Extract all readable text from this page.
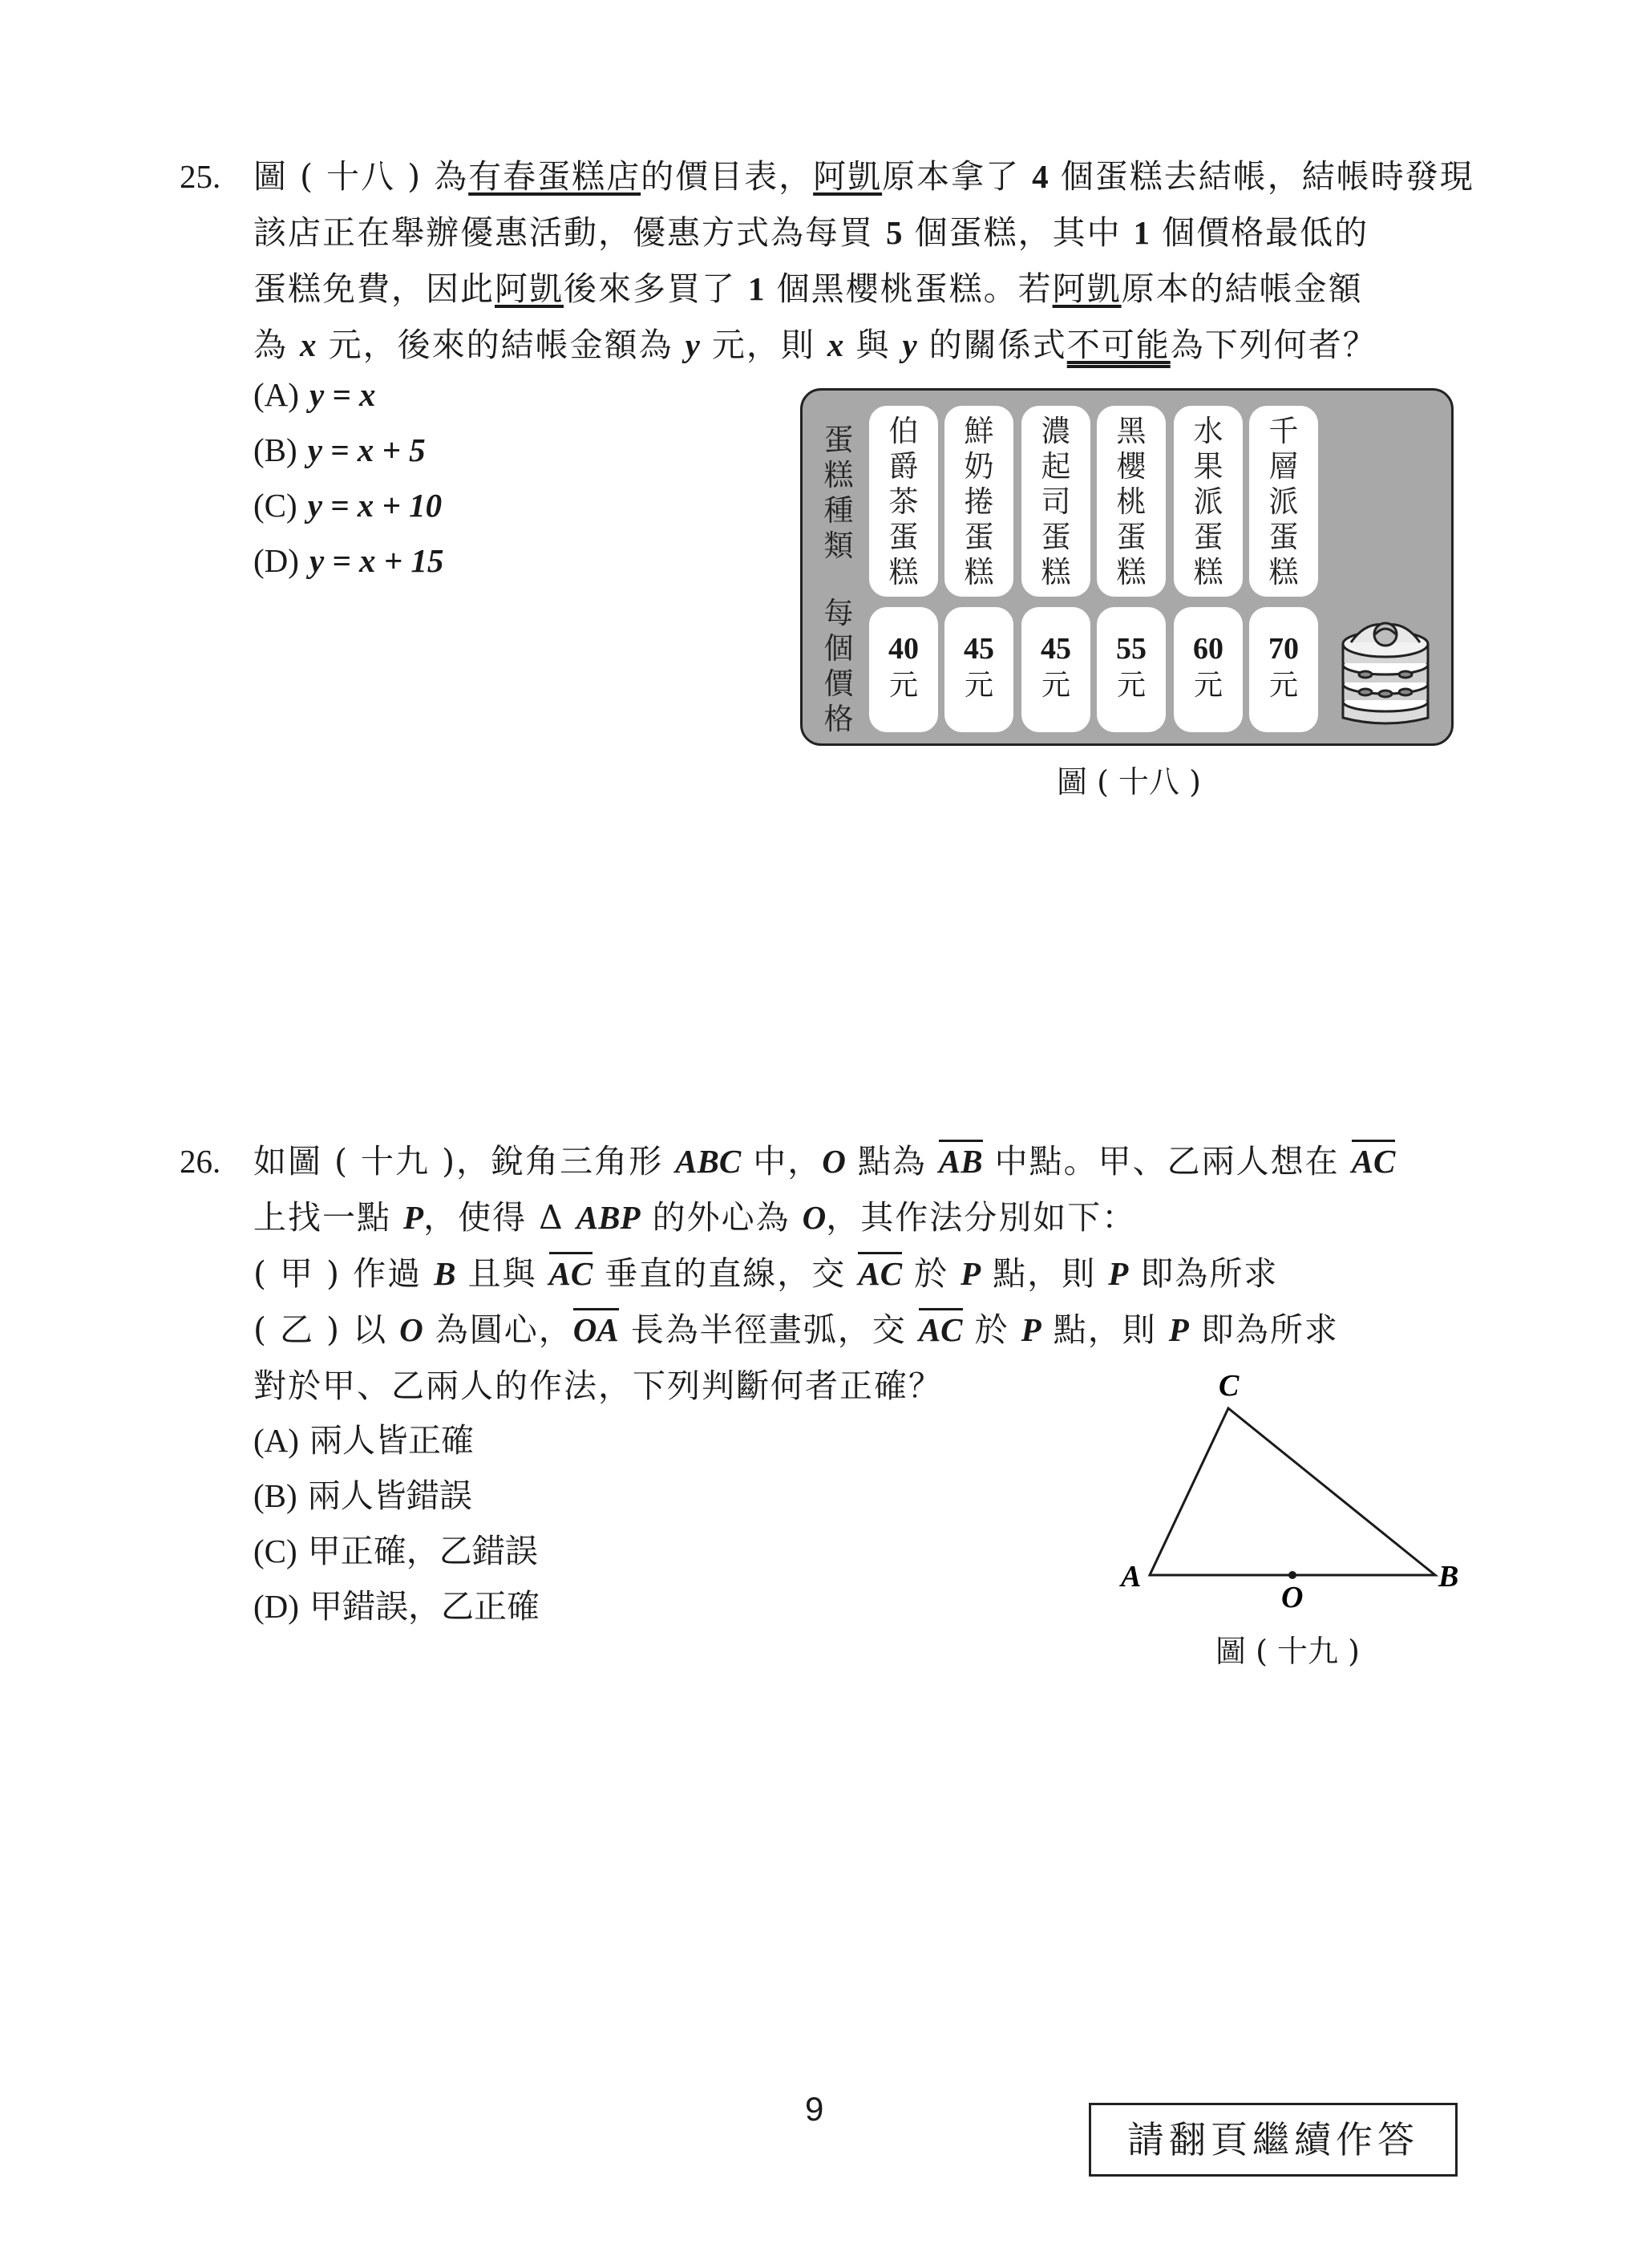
25. 圖 ( 十八 ) 為有春蛋糕店的價目表，阿凱原本拿了 4 個蛋糕去結帳，結帳時發現
該店正在舉辦優惠活動，優惠方式為每買 5 個蛋糕，其中 1 個價格最低的
蛋糕免費，因此阿凱後來多買了 1 個黑櫻桃蛋糕。若阿凱原本的結帳金額
為 x 元，後來的結帳金額為 y 元，則 x 與 y 的關係式不可能為下列何者？
(A) y = x
(B) y = x + 5
(C) y = x + 10
(D) y = x + 15
蛋糕種類
每個價格
伯
爵
茶
蛋
糕
鮮
奶
捲
蛋
糕
濃
起
司
蛋
糕
黑
櫻
桃
蛋
糕
水
果
派
蛋
糕
千
層
派
蛋
糕
40
元
45
元
45
元
55
元
60
元
70
元
圖 ( 十八 )
26. 如圖 ( 十九 )，銳角三角形 ABC 中，O 點為 AB 中點。甲、乙兩人想在 AC
上找一點 P，使得 Δ ABP 的外心為 O，其作法分別如下：
( 甲 ) 作過 B 且與 AC 垂直的直線，交 AC 於 P 點，則 P 即為所求
( 乙 ) 以 O 為圓心，OA 長為半徑畫弧，交 AC 於 P 點，則 P 即為所求
對於甲、乙兩人的作法，下列判斷何者正確？
(A) 兩人皆正確
(B) 兩人皆錯誤
(C) 甲正確，乙錯誤
(D) 甲錯誤，乙正確
C
A	B
O
圖 ( 十九 )
9
請翻頁繼續作答
